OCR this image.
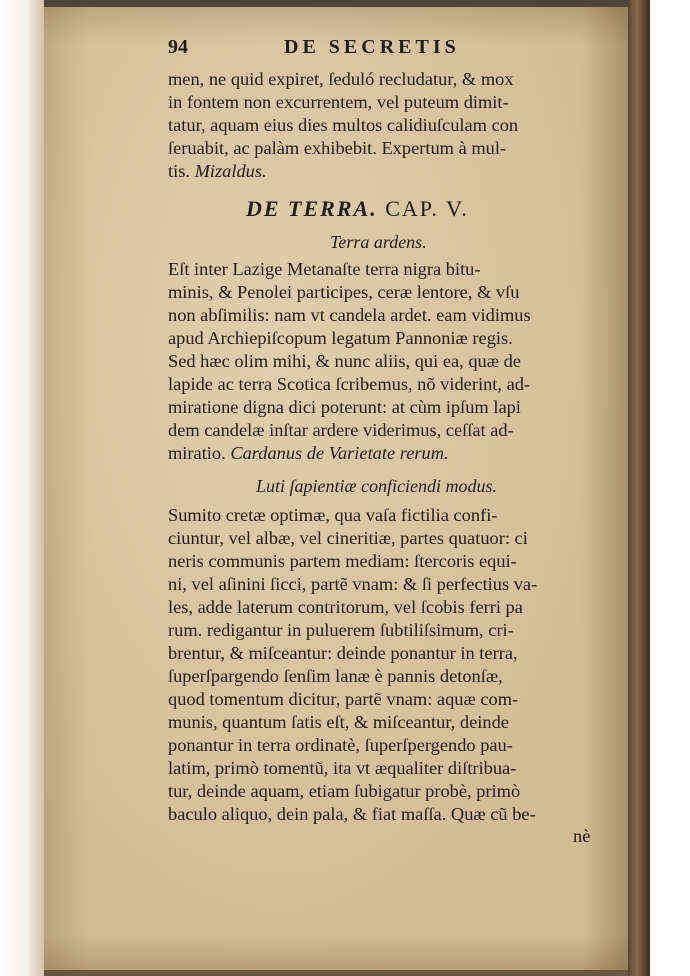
94	DE SECRETIS
men, ne quid expiret, ſeduló recludatur, & mox
in fontem non excurrentem, vel puteum dimit-
tatur, aquam eius dies multos calidiuſculam con
ſeruabit, ac palàm exhibebit. Expertum à mul-
tis. Mizaldus.
DE TERRA. CAP. V.
Terra ardens.
Eſt inter Lazige Metanaſte terra nigra bitu-
minis, & Penolei participes, ceræ lentore, & vſu
non abſimilis: nam vt candela ardet. eam vidimus
apud Archiepiſcopum legatum Pannoniæ regis.
Sed hæc olim mihi, & nunc aliis, qui ea, quæ de
lapide ac terra Scotica ſcribemus, nõ viderint, ad-
miratione digna dici poterunt: at cùm ipſum lapi
dem candelæ inſtar ardere viderimus, ceſſat ad-
miratio. Cardanus de Varietate rerum.
Luti ſapientiæ conficiendi modus.
Sumito cretæ optimæ, qua vaſa fictilia confi-
ciuntur, vel albæ, vel cineritiæ, partes quatuor: ci
neris communis partem mediam: ſtercoris equi-
ni, vel aſinini ſicci, partẽ vnam: & ſi perfectius va-
les, adde laterum contritorum, vel ſcobis ferri pa
rum. redigantur in puluerem ſubtiliſsimum, cri-
brentur, & miſceantur: deinde ponantur in terra,
ſuperſpargendo ſenſim lanæ è pannis detonſæ,
quod tomentum dicitur, partẽ vnam: aquæ com-
munis, quantum ſatis eſt, & miſceantur, deinde
ponantur in terra ordinatè, ſuperſpergendo pau-
latim, primò tomentũ, ita vt æqualiter diſtribua-
tur, deinde aquam, etiam ſubigatur probè, primò
baculo aliquo, dein pala, & fiat maſſa. Quæ cũ be-
nè
